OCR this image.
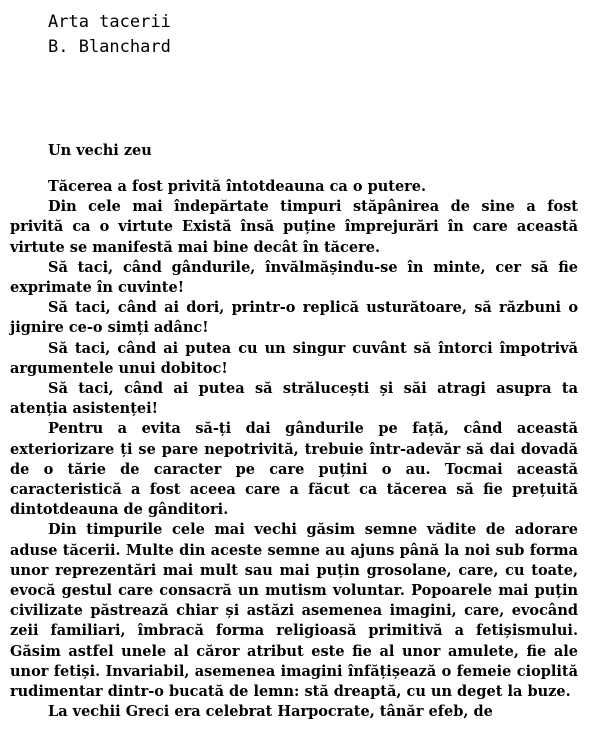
Arta tacerii
B. Blanchard
Un vechi zeu

Tăcerea a fost privită întotdeauna ca o putere.

Din cele mai îndepărtate timpuri stăpânirea de sine a fost privită ca o virtute Există însă puține împrejurări în care această virtute se manifestă mai bine decât în tăcere.

Să taci, când gândurile, învălmășindu-se în minte, cer să fie exprimate în cuvinte!

Să taci, când ai dori, printr-o replică usturătoare, să răzbuni o jignire ce-o simți adânc!

Să taci, când ai putea cu un singur cuvânt să întorci împotrivă argumentele unui dobitoc!

Să taci, când ai putea să strălucești și săi atragi asupra ta atenția asistenței!

Pentru a evita să-ți dai gândurile pe față, când această exteriorizare ți se pare nepotrivită, trebuie într-adevăr să dai dovadă de o tărie de caracter pe care puțini o au. Tocmai această caracteristică a fost aceea care a făcut ca tăcerea să fie prețuită dintotdeauna de gânditori.

Din timpurile cele mai vechi găsim semne vădite de adorare aduse tăcerii. Multe din aceste semne au ajuns până la noi sub forma unor reprezentări mai mult sau mai puțin grosolane, care, cu toate, evocă gestul care consacră un mutism voluntar. Popoarele mai puțin civilizate păstrează chiar și astăzi asemenea imagini, care, evocând zeii familiari, îmbracă forma religioasă primitivă a fetișismului. Găsim astfel unele al căror atribut este fie al unor amulete, fie ale unor fetiși. Invariabil, asemenea imagini înfățișează o femeie cioplită rudimentar dintr-o bucată de lemn: stă dreaptă, cu un deget la buze.

La vechii Greci era celebrat Harpocrate, tânăr efeb, de
